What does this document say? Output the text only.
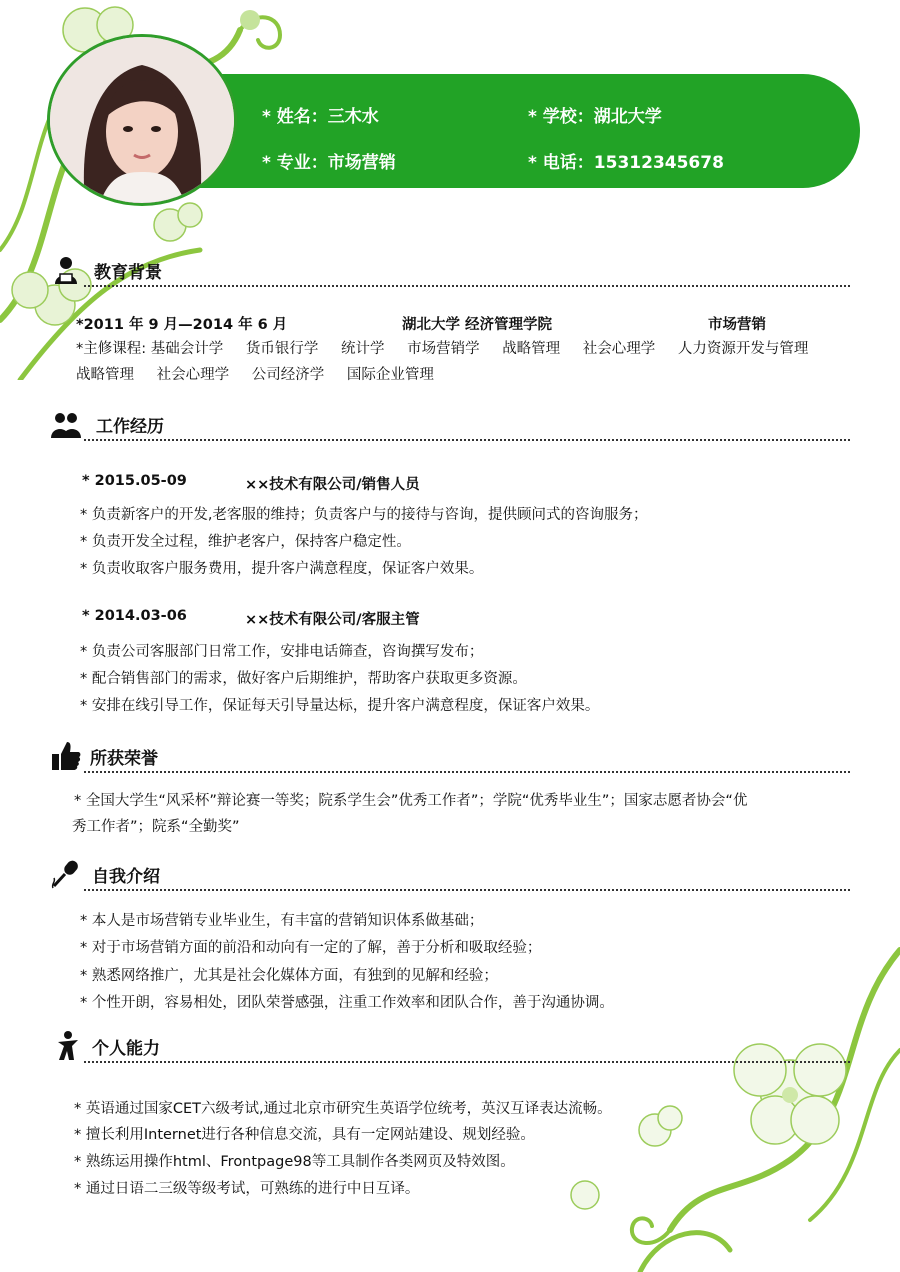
* 姓名：三木水	* 学校：湖北大学
* 专业：市场营销	* 电话：15312345678
教育背景
*2011 年 9 月—2014 年 6 月	湖北大学 经济管理学院	市场营销
*主修课程: 基础会计学 货币银行学 统计学 市场营销学 战略管理 社会心理学 人力资源开发与管理 战略管理 社会心理学 公司经济学 国际企业管理
工作经历
* 2015.05-09	××技术有限公司/销售人员
* 负责新客户的开发,老客服的维持；负责客户与的接待与咨询，提供顾问式的咨询服务；
* 负责开发全过程，维护老客户，保持客户稳定性。
* 负责收取客户服务费用，提升客户满意程度，保证客户效果。
* 2014.03-06	××技术有限公司/客服主管
* 负责公司客服部门日常工作，安排电话筛查，咨询撰写发布；
* 配合销售部门的需求，做好客户后期维护，帮助客户获取更多资源。
* 安排在线引导工作，保证每天引导量达标，提升客户满意程度，保证客户效果。
所获荣誉
* 全国大学生“风采杯”辩论赛一等奖；院系学生会”优秀工作者”；学院“优秀毕业生”；国家志愿者协会“优
秀工作者”；院系“全勤奖”
自我介绍
* 本人是市场营销专业毕业生，有丰富的营销知识体系做基础；
* 对于市场营销方面的前沿和动向有一定的了解，善于分析和吸取经验；
* 熟悉网络推广，尤其是社会化媒体方面，有独到的见解和经验；
* 个性开朗，容易相处，团队荣誉感强，注重工作效率和团队合作，善于沟通协调。
个人能力
* 英语通过国家CET六级考试,通过北京市研究生英语学位统考，英汉互译表达流畅。
* 擅长利用Internet进行各种信息交流，具有一定网站建设、规划经验。
* 熟练运用操作html、Frontpage98等工具制作各类网页及特效图。
* 通过日语二三级等级考试，可熟练的进行中日互译。
